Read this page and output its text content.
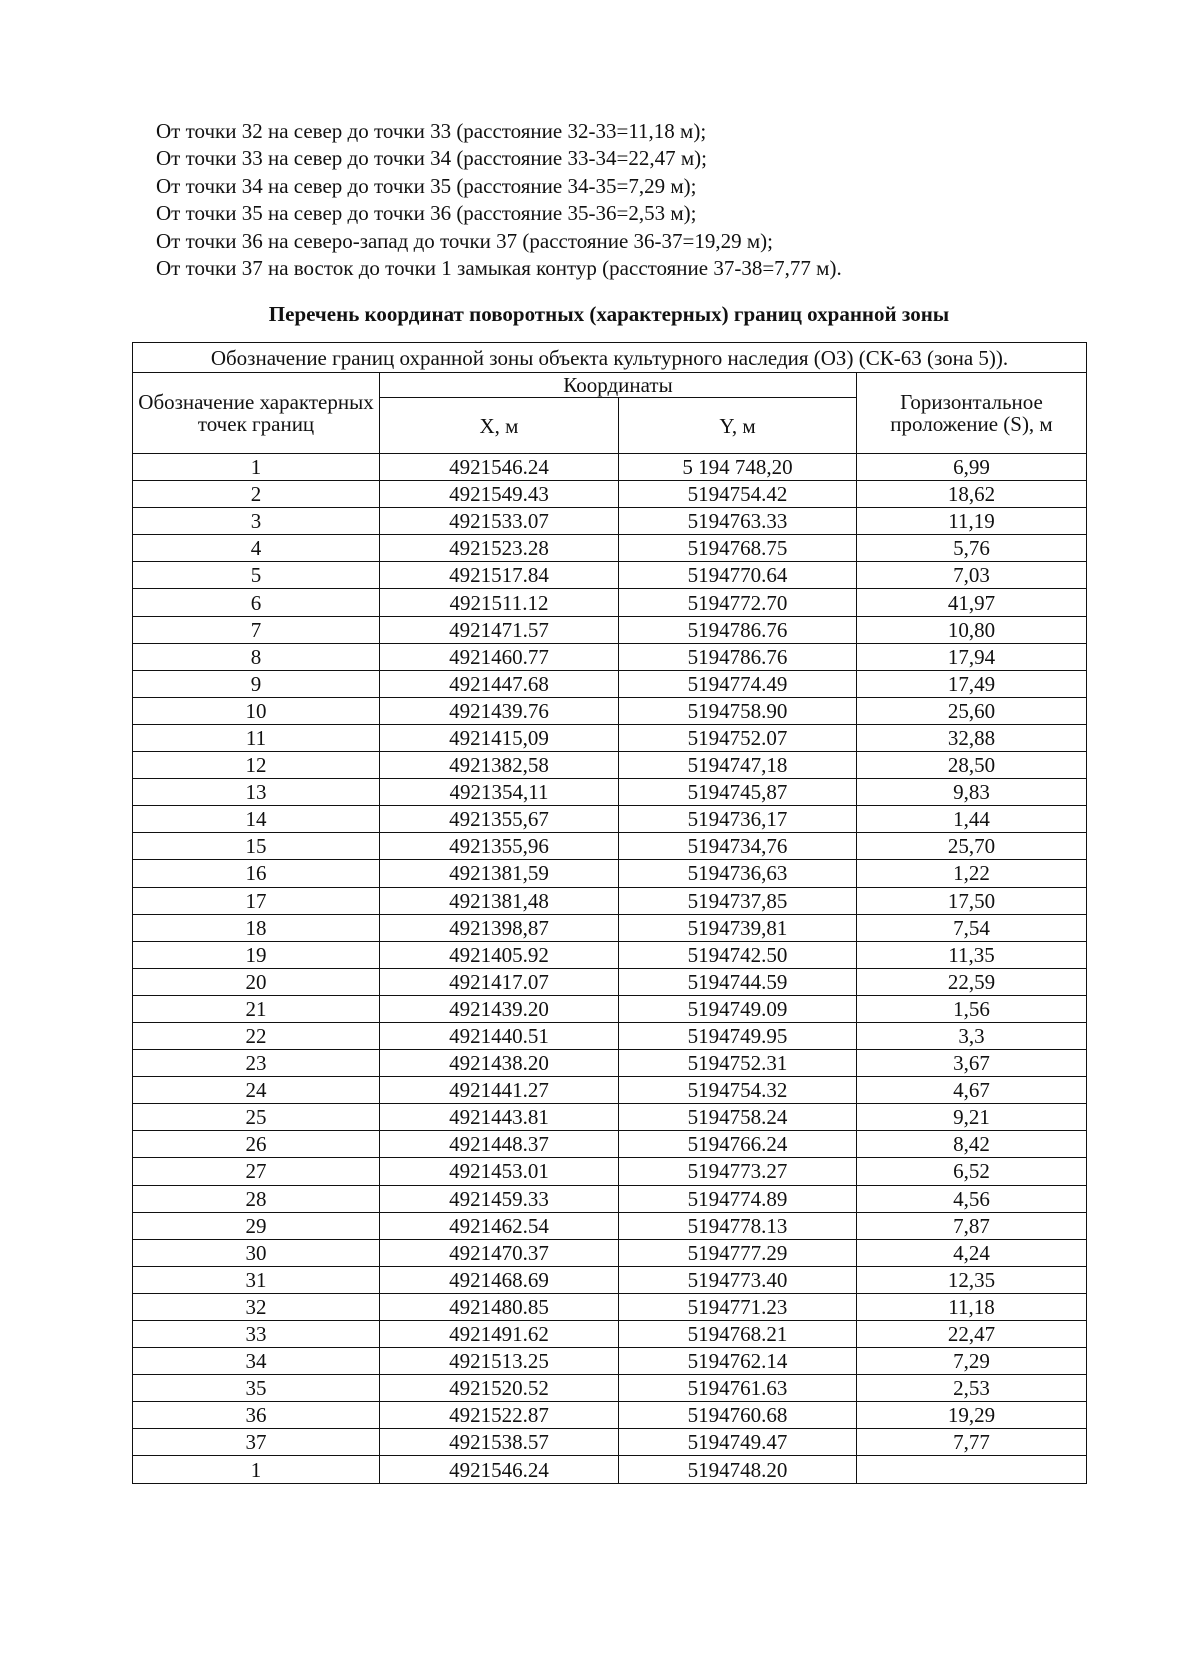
От точки 32 на север до точки 33 (расстояние 32-33=11,18 м);
От точки 33 на север до точки 34 (расстояние 33-34=22,47 м);
От точки 34 на север до точки 35 (расстояние 34-35=7,29 м);
От точки 35 на север до точки 36 (расстояние 35-36=2,53 м);
От точки 36 на северо-запад до точки 37 (расстояние 36-37=19,29 м);
От точки 37 на восток до точки 1 замыкая контур (расстояние 37-38=7,77 м).
Перечень координат поворотных (характерных) границ охранной зоны
Обозначение границ охранной зоны объекта культурного наследия (ОЗ) (СК-63 (зона 5)).			
Обозначение характерных точек границ	Координаты		Горизонтальное проложение (S), м
	X, м	Y, м	
1	4921546.24	5 194 748,20	6,99
2	4921549.43	5194754.42	18,62
3	4921533.07	5194763.33	11,19
4	4921523.28	5194768.75	5,76
5	4921517.84	5194770.64	7,03
6	4921511.12	5194772.70	41,97
7	4921471.57	5194786.76	10,80
8	4921460.77	5194786.76	17,94
9	4921447.68	5194774.49	17,49
10	4921439.76	5194758.90	25,60
11	4921415,09	5194752.07	32,88
12	4921382,58	5194747,18	28,50
13	4921354,11	5194745,87	9,83
14	4921355,67	5194736,17	1,44
15	4921355,96	5194734,76	25,70
16	4921381,59	5194736,63	1,22
17	4921381,48	5194737,85	17,50
18	4921398,87	5194739,81	7,54
19	4921405.92	5194742.50	11,35
20	4921417.07	5194744.59	22,59
21	4921439.20	5194749.09	1,56
22	4921440.51	5194749.95	3,3
23	4921438.20	5194752.31	3,67
24	4921441.27	5194754.32	4,67
25	4921443.81	5194758.24	9,21
26	4921448.37	5194766.24	8,42
27	4921453.01	5194773.27	6,52
28	4921459.33	5194774.89	4,56
29	4921462.54	5194778.13	7,87
30	4921470.37	5194777.29	4,24
31	4921468.69	5194773.40	12,35
32	4921480.85	5194771.23	11,18
33	4921491.62	5194768.21	22,47
34	4921513.25	5194762.14	7,29
35	4921520.52	5194761.63	2,53
36	4921522.87	5194760.68	19,29
37	4921538.57	5194749.47	7,77
1	4921546.24	5194748.20	
